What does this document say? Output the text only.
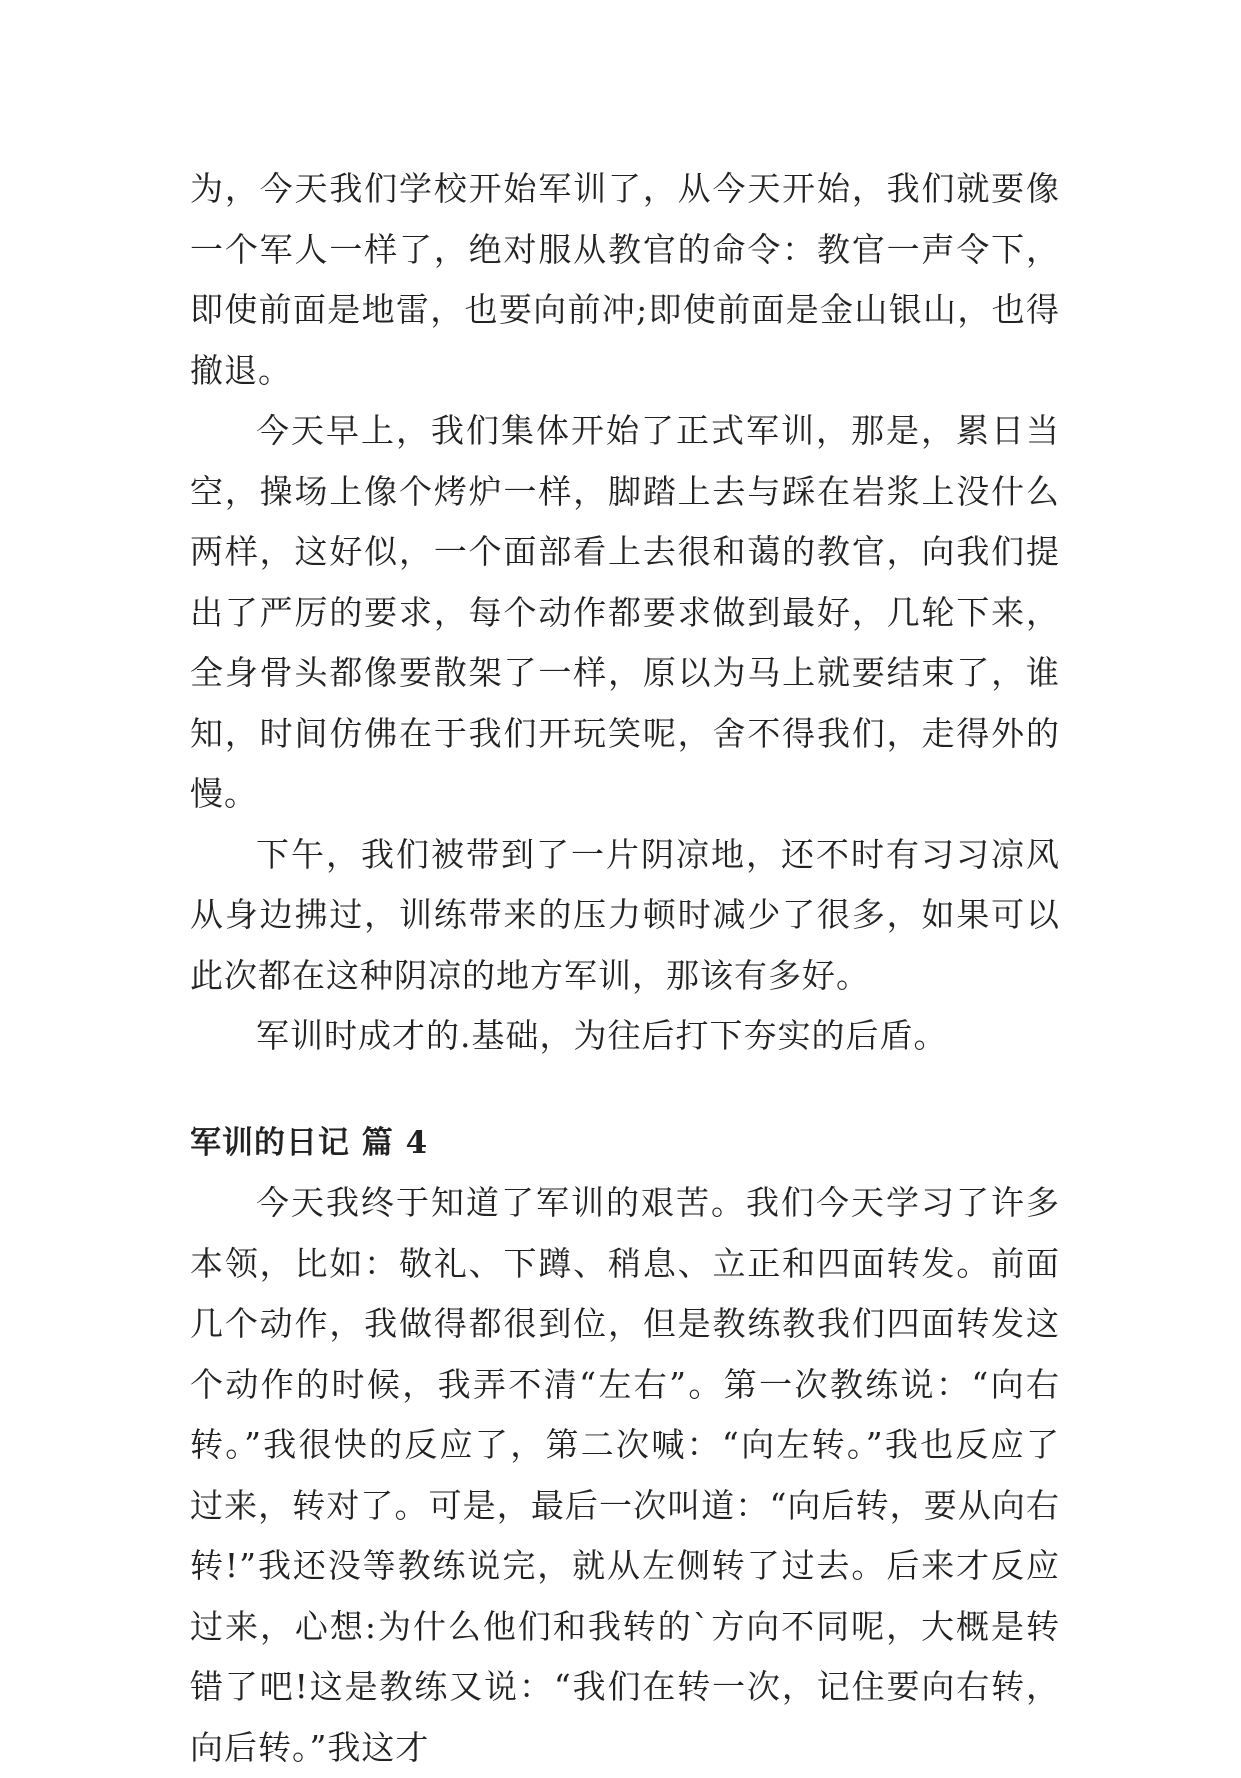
为，今天我们学校开始军训了，从今天开始，我们就要像一个军人一样了，绝对服从教官的命令：教官一声令下，即使前面是地雷，也要向前冲;即使前面是金山银山，也得撤退。

今天早上，我们集体开始了正式军训，那是，累日当空，操场上像个烤炉一样，脚踏上去与踩在岩浆上没什么两样，这好似，一个面部看上去很和蔼的教官，向我们提出了严厉的要求，每个动作都要求做到最好，几轮下来，全身骨头都像要散架了一样，原以为马上就要结束了，谁知，时间仿佛在于我们开玩笑呢，舍不得我们，走得外的慢。

下午，我们被带到了一片阴凉地，还不时有习习凉风从身边拂过，训练带来的压力顿时减少了很多，如果可以此次都在这种阴凉的地方军训，那该有多好。

军训时成才的.基础，为往后打下夯实的后盾。

军训的日记 篇 4

今天我终于知道了军训的艰苦。我们今天学习了许多本领，比如：敬礼、下蹲、稍息、立正和四面转发。前面几个动作，我做得都很到位，但是教练教我们四面转发这个动作的时候，我弄不清“左右”。第一次教练说：“向右转。”我很快的反应了，第二次喊：“向左转。”我也反应了过来，转对了。可是，最后一次叫道：“向后转，要从向右转!”我还没等教练说完，就从左侧转了过去。后来才反应过来，心想:为什么他们和我转的`方向不同呢，大概是转错了吧!这是教练又说：“我们在转一次，记住要向右转，向后转。”我这才
